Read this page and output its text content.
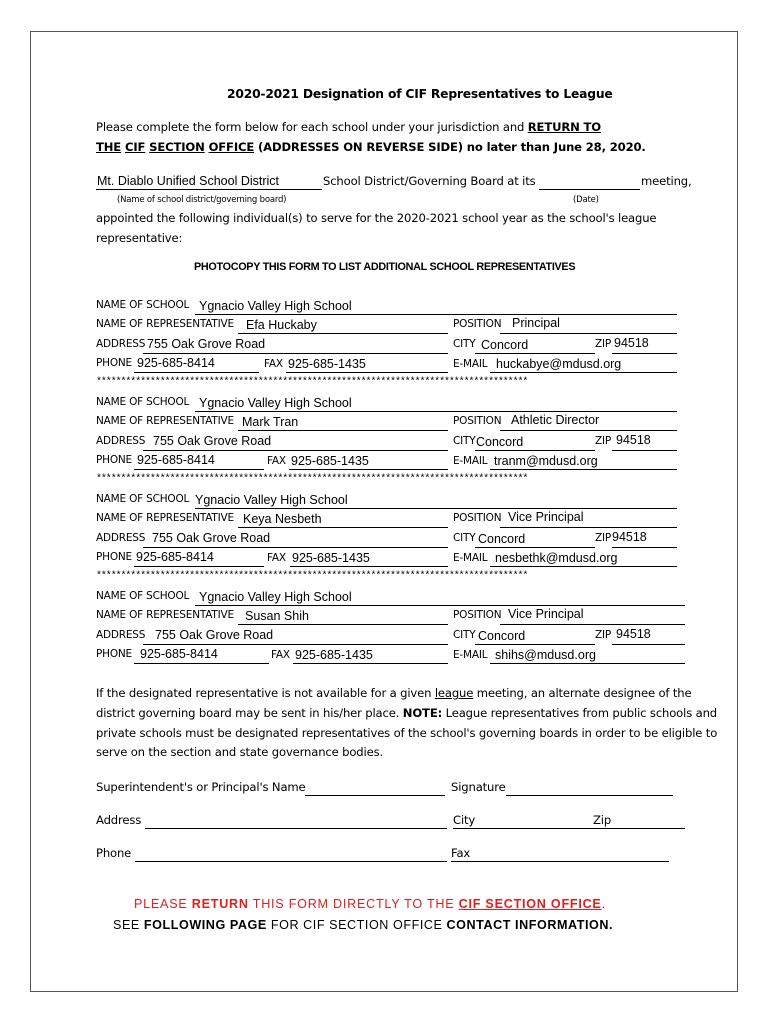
2020-2021 Designation of CIF Representatives to League
Please complete the form below for each school under your jurisdiction and RETURN TO
THE CIF SECTION OFFICE (ADDRESSES ON REVERSE SIDE) no later than June 28, 2020.
Mt. Diablo Unified School District	School District/Governing Board at its	meeting,
(Name of school district/governing board)	(Date)
appointed the following individual(s) to serve for the 2020-2021 school year as the school's league
representative:
PHOTOCOPY THIS FORM TO LIST ADDITIONAL SCHOOL REPRESENTATIVES
NAME OF SCHOOL Ygnacio Valley High School
NAME OF REPRESENTATIVE Efa Huckaby	POSITION Principal
ADDRESS 755 Oak Grove Road	CITY Concord	ZIP 94518
PHONE 925-685-8414	FAX 925-685-1435	E-MAIL huckabye@mdusd.org
****************************************************************************************
NAME OF SCHOOL Ygnacio Valley High School
NAME OF REPRESENTATIVE Mark Tran	POSITION Athletic Director
ADDRESS 755 Oak Grove Road	CITY Concord	ZIP 94518
PHONE 925-685-8414	FAX 925-685-1435	E-MAIL tranm@mdusd.org
****************************************************************************************
NAME OF SCHOOL Ygnacio Valley High School
NAME OF REPRESENTATIVE Keya Nesbeth	POSITION Vice Principal
ADDRESS 755 Oak Grove Road	CITY Concord	ZIP 94518
PHONE 925-685-8414	FAX 925-685-1435	E-MAIL nesbethk@mdusd.org
****************************************************************************************
NAME OF SCHOOL Ygnacio Valley High School
NAME OF REPRESENTATIVE Susan Shih	POSITION Vice Principal
ADDRESS 755 Oak Grove Road	CITY Concord	ZIP 94518
PHONE 925-685-8414	FAX 925-685-1435	E-MAIL shihs@mdusd.org
If the designated representative is not available for a given league meeting, an alternate designee of the
district governing board may be sent in his/her place. NOTE: League representatives from public schools and
private schools must be designated representatives of the school's governing boards in order to be eligible to
serve on the section and state governance bodies.
Superintendent's or Principal's Name	Signature
Address	City	Zip
Phone	Fax
PLEASE RETURN THIS FORM DIRECTLY TO THE CIF SECTION OFFICE.
SEE FOLLOWING PAGE FOR CIF SECTION OFFICE CONTACT INFORMATION.
